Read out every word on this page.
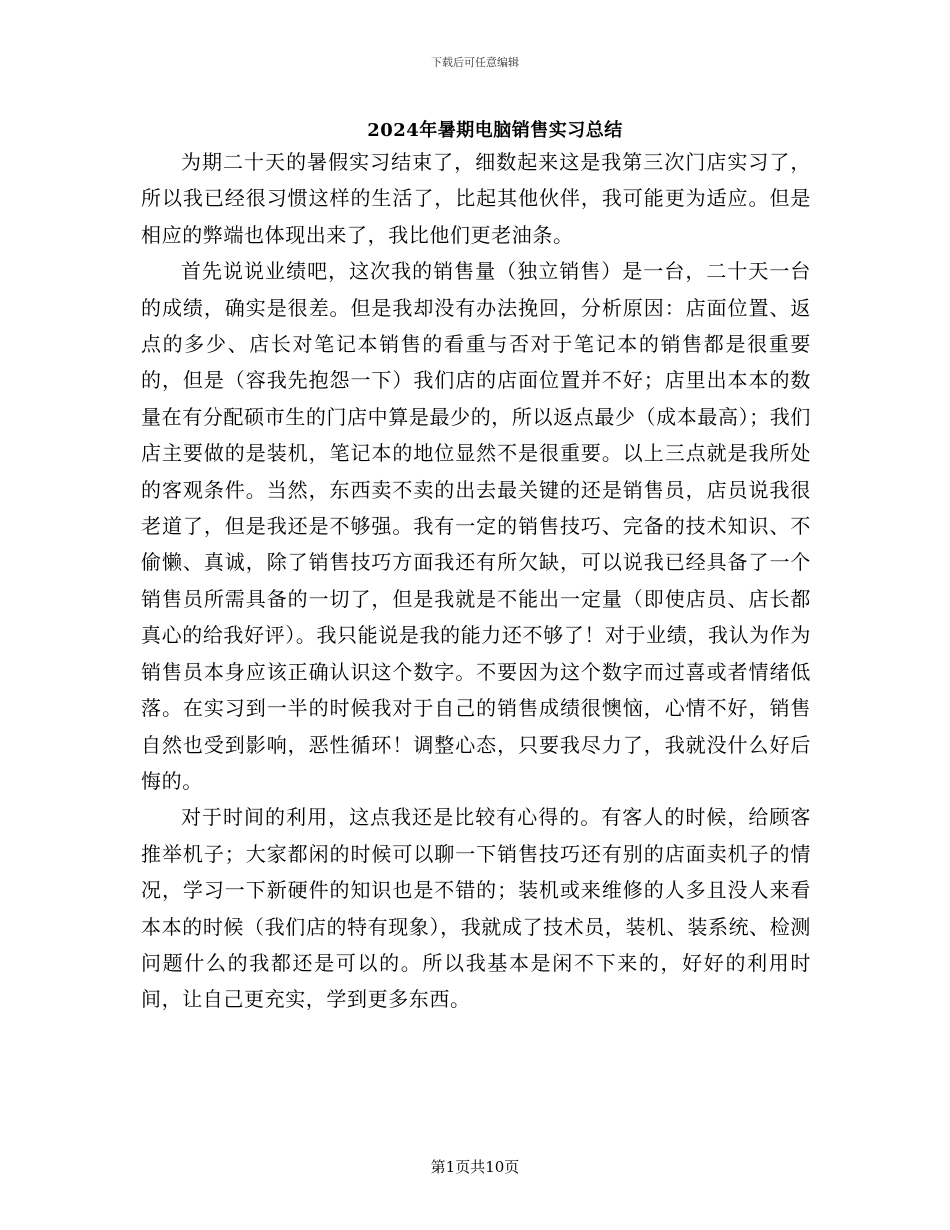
下载后可任意编辑
2024年暑期电脑销售实习总结

为期二十天的暑假实习结束了，细数起来这是我第三次门店实习了，所以我已经很习惯这样的生活了，比起其他伙伴，我可能更为适应。但是相应的弊端也体现出来了，我比他们更老油条。

首先说说业绩吧，这次我的销售量（独立销售）是一台，二十天一台的成绩，确实是很差。但是我却没有办法挽回，分析原因：店面位置、返点的多少、店长对笔记本销售的看重与否对于笔记本的销售都是很重要的，但是（容我先抱怨一下）我们店的店面位置并不好；店里出本本的数量在有分配硕市生的门店中算是最少的，所以返点最少（成本最高）；我们店主要做的是装机，笔记本的地位显然不是很重要。以上三点就是我所处的客观条件。当然，东西卖不卖的出去最关键的还是销售员，店员说我很老道了，但是我还是不够强。我有一定的销售技巧、完备的技术知识、不偷懒、真诚，除了销售技巧方面我还有所欠缺，可以说我已经具备了一个销售员所需具备的一切了，但是我就是不能出一定量（即使店员、店长都真心的给我好评）。我只能说是我的能力还不够了！对于业绩，我认为作为销售员本身应该正确认识这个数字。不要因为这个数字而过喜或者情绪低落。在实习到一半的时候我对于自己的销售成绩很懊恼，心情不好，销售自然也受到影响，恶性循环！调整心态，只要我尽力了，我就没什么好后悔的。

对于时间的利用，这点我还是比较有心得的。有客人的时候，给顾客推举机子；大家都闲的时候可以聊一下销售技巧还有别的店面卖机子的情况，学习一下新硬件的知识也是不错的；装机或来维修的人多且没人来看本本的时候（我们店的特有现象），我就成了技术员，装机、装系统、检测问题什么的我都还是可以的。所以我基本是闲不下来的，好好的利用时间，让自己更充实，学到更多东西。

第1页共10页
